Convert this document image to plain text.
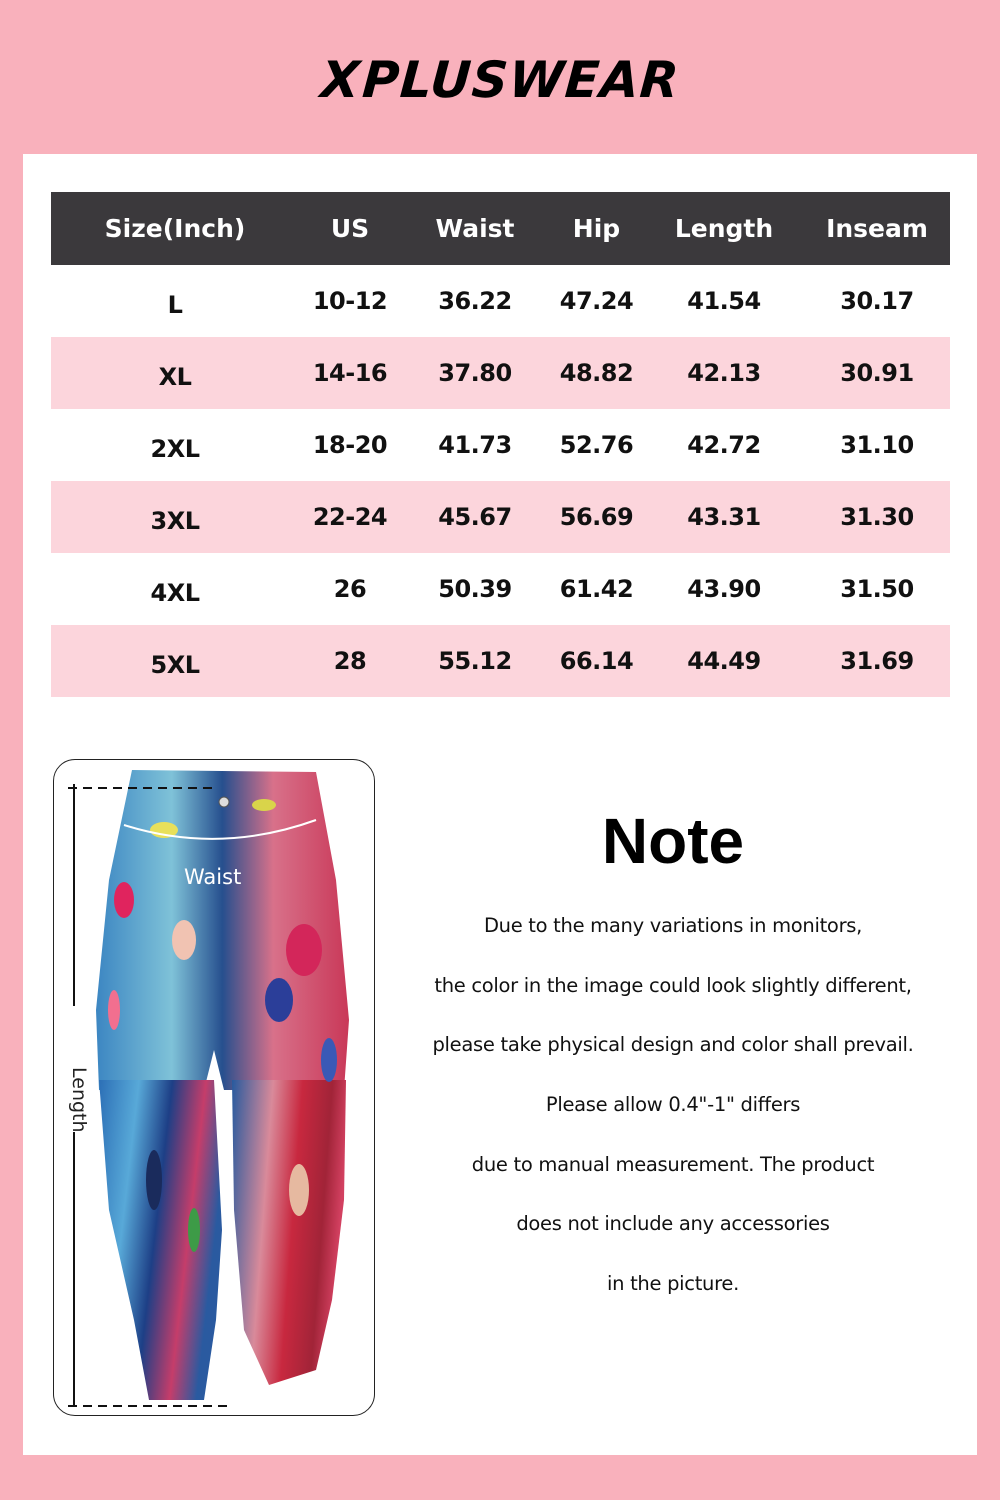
XPLUSWEAR
Size(Inch)	US	Waist	Hip	Length	Inseam
L	10-12	36.22	47.24	41.54	30.17
XL	14-16	37.80	48.82	42.13	30.91
2XL	18-20	41.73	52.76	42.72	31.10
3XL	22-24	45.67	56.69	43.31	31.30
4XL	26	50.39	61.42	43.90	31.50
5XL	28	55.12	66.14	44.49	31.69
Waist
Length
Note
Due to the many variations in monitors,
the color in the image could look slightly different,
please take physical design and color shall prevail.
Please allow 0.4"-1" differs
due to manual measurement. The product
does not include any accessories
in the picture.
